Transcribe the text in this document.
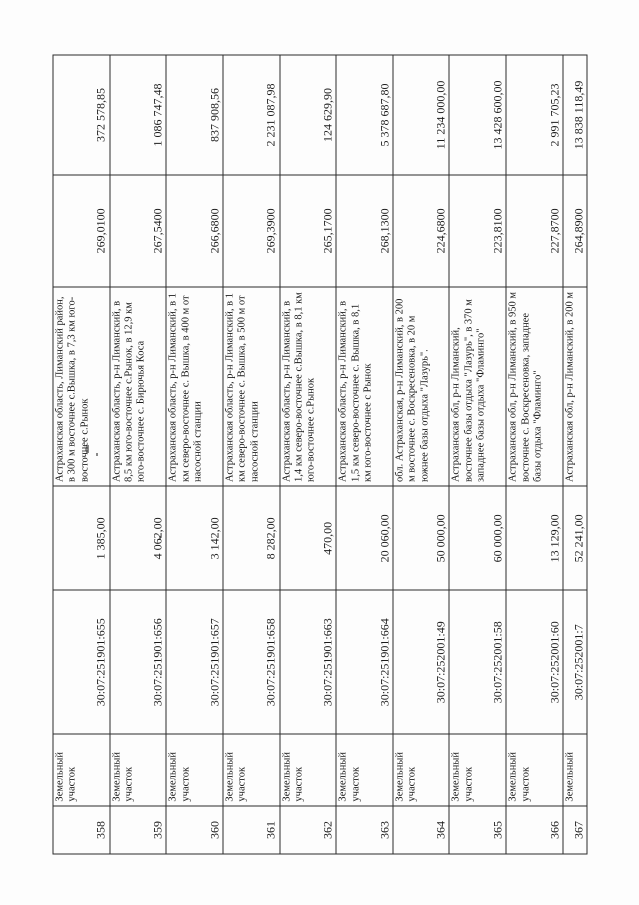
358	Земельный участок	30:07:251901:655	1 385,00	Астраханская область, Лиманский район, в 300 м восточнее с.Вышка, в 7,3 км юго-восточнее с.Рынок	269,0100	372 578,85
359	Земельный участок	30:07:251901:656	4 062,00	Астраханская область, р-н Лиманский, в 8,5 км юго-восточнее с.Рынок, в 12,9 км юго-восточнее с. Бирючья Коса	267,5400	1 086 747,48
360	Земельный участок	30:07:251901:657	3 142,00	Астраханская область, р-н Лиманский, в 1 км северо-восточнее с. Вышка, в 400 м от насосной станции	266,6800	837 908,56
361	Земельный участок	30:07:251901:658	8 282,00	Астраханская область, р-н Лиманский, в 1 км северо-восточнее с. Вышка, в 500 м от насосной станции	269,3900	2 231 087,98
362	Земельный участок	30:07:251901:663	470,00	Астраханская область, р-н Лиманский, в 1,4 км северо-восточнее с.Вышка, в 8,1 км юго-восточнее с.Рынок	265,1700	124 629,90
363	Земельный участок	30:07:251901:664	20 060,00	Астраханская область, р-н Лиманский, в 1,5 км северо-восточнее с. Вышка, в 8,1 км юго-восточнее с Рынок	268,1300	5 378 687,80
364	Земельный участок	30:07:252001:49	50 000,00	обл. Астраханская, р-н Лиманский, в 200 м восточнее с. Воскресеновка, в 20 м южнее базы отдыха "Лазурь".	224,6800	11 234 000,00
365	Земельный участок	30:07:252001:58	60 000,00	Астраханская обл, р-н Лиманский, восточнее базы отдыха "Лазурь", в 370 м западнее базы отдыха "Фламинго"	223,8100	13 428 600,00
366	Земельный участок	30:07:252001:60	13 129,00	Астраханская обл, р-н Лиманский, в 950 м восточнее с. Воскресеновка, западнее базы отдыха "Фламинго"	227,8700	2 991 705,23
367	Земельный	30:07:252001:7	52 241,00	Астраханская обл, р-н Лиманский, в 200 м	264,8900	13 838 118,49
